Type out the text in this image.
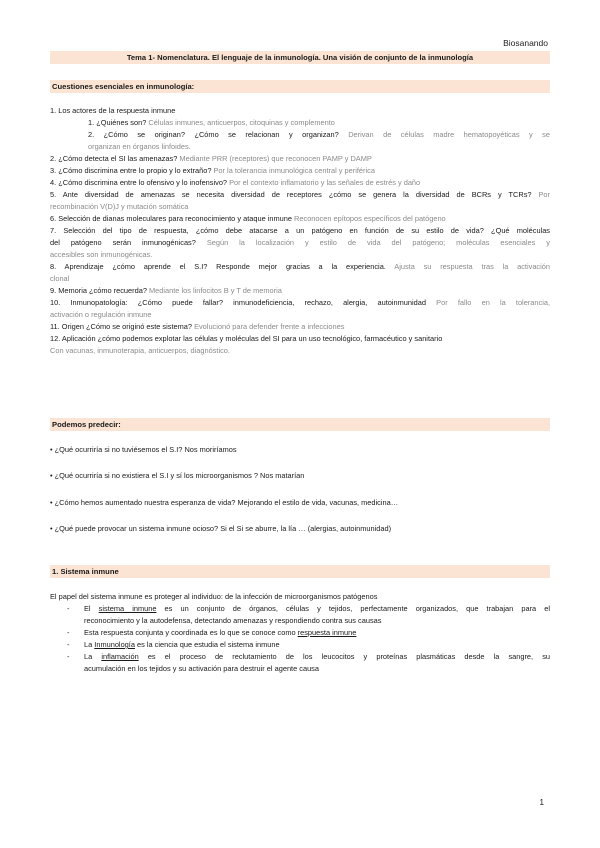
Biosanando
Tema 1- Nomenclatura. El lenguaje de la inmunología. Una visión de conjunto de la inmunología
Cuestiones esenciales en inmunología:
1. Los actores de la respuesta inmune
1. ¿Quiénes son? Células inmunes, anticuerpos, citoquinas y complemento
2. ¿Cómo se originan? ¿Cómo se relacionan y organizan? Derivan de células madre hematopoyéticas y se
organizan en órganos linfoides.
2. ¿Cómo detecta el SI las amenazas? Mediante PRR (receptores) que reconocen PAMP y DAMP
3. ¿Cómo discrimina entre lo propio y lo extraño? Por la tolerancia inmunológica central y periférica
4. ¿Cómo discrimina entre lo ofensivo y lo inofensivo? Por el contexto inflamatorio y las señales de estrés y daño
5. Ante diversidad de amenazas se necesita diversidad de receptores ¿cómo se genera la diversidad de BCRs y TCRs? Por
recombinación V(D)J y mutación somática
6. Selección de dianas moleculares para reconocimiento y ataque inmune Reconocen epítopos específicos del patógeno
7. Selección del tipo de respuesta, ¿cómo debe atacarse a un patógeno en función de su estilo de vida? ¿Qué moléculas
del patógeno serán inmunogénicas? Según la localización y estilo de vida del patógeno; moléculas esenciales y
accesibles son inmunogénicas.
8. Aprendizaje ¿cómo aprende el S.I? Responde mejor gracias a la experiencia. Ajusta su respuesta tras la activación
clonal
9. Memoria ¿cómo recuerda? Mediante los linfocitos B y T de memoria
10. Inmunopatología: ¿Cómo puede fallar? inmunodeficiencia, rechazo, alergia, autoinmunidad Por fallo en la tolerancia,
activación o regulación inmune
11. Origen ¿Cómo se originó este sistema? Evolucionó para defender frente a infecciones
12. Aplicación ¿cómo podemos explotar las células y moléculas del SI para un uso tecnológico, farmacéutico y sanitario
Con vacunas, inmunoterapia, anticuerpos, diagnóstico.
Podemos predecir:
• ¿Qué ocurriría si no tuviésemos el S.I? Nos moriríamos
• ¿Qué ocurriría si no existiera el S.I y sí los microorganismos ? Nos matarían
• ¿Cómo hemos aumentado nuestra esperanza de vida? Mejorando el estilo de vida, vacunas, medicina…
• ¿Qué puede provocar un sistema inmune ocioso? Si el Si se aburre, la lía … (alergias, autoinmunidad)
1. Sistema inmune
El papel del sistema inmune es proteger al individuo: de la infección de microorganismos patógenos
- El sistema inmune es un conjunto de órganos, células y tejidos, perfectamente organizados, que trabajan para el
reconocimiento y la autodefensa, detectando amenazas y respondiendo contra sus causas
- Esta respuesta conjunta y coordinada es lo que se conoce como respuesta inmune
- La Inmunología es la ciencia que estudia el sistema inmune
- La inflamación es el proceso de reclutamiento de los leucocitos y proteínas plasmáticas desde la sangre, su
acumulación en los tejidos y su activación para destruir el agente causa
1
